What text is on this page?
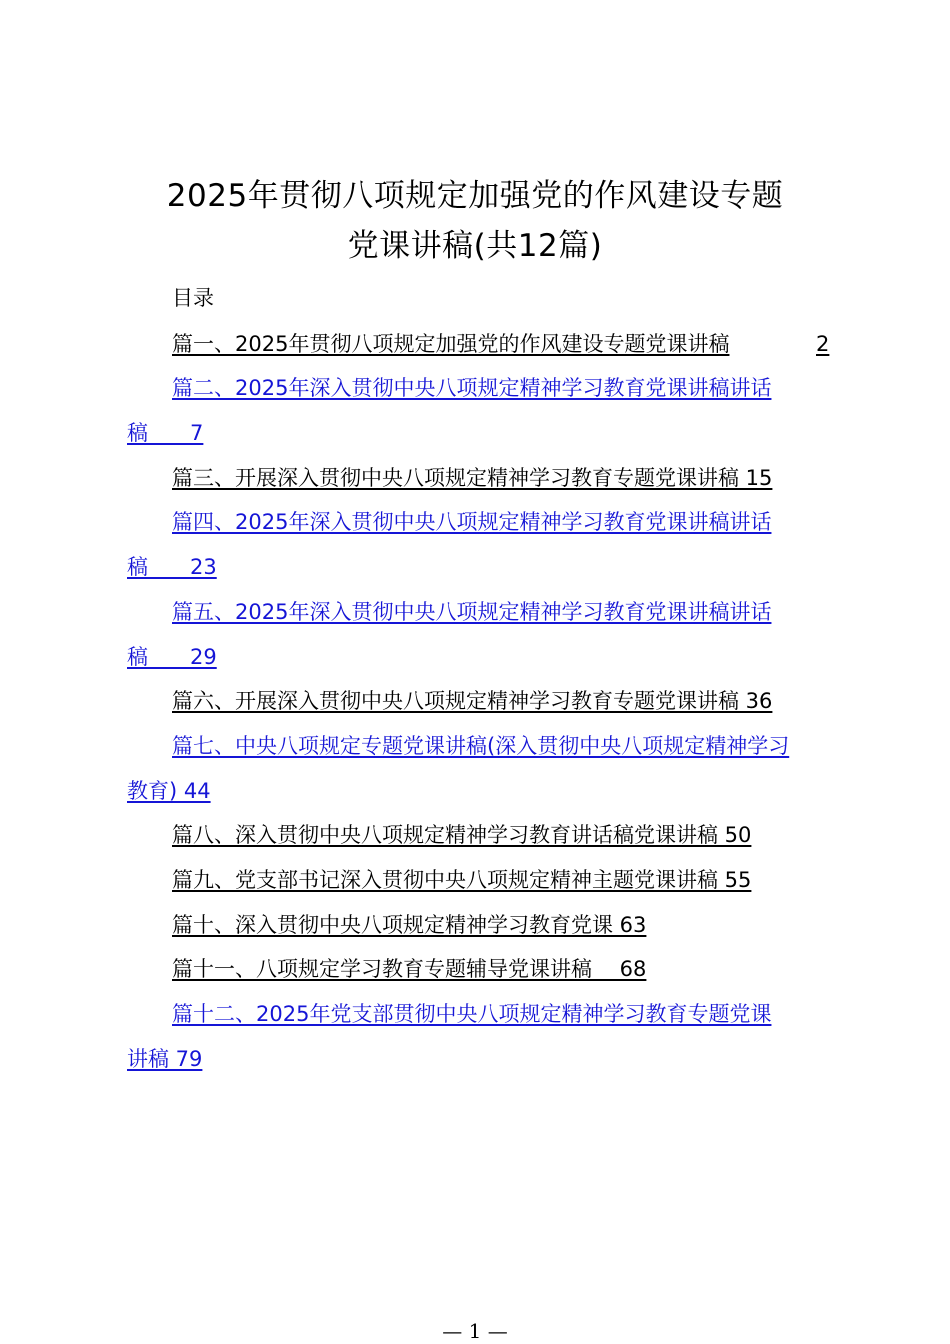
2025年贯彻八项规定加强党的作风建设专题
党课讲稿(共12篇)
目录
篇一、2025年贯彻八项规定加强党的作风建设专题党课讲稿	2
篇二、2025年深入贯彻中央八项规定精神学习教育党课讲稿讲话
稿　　7
篇三、开展深入贯彻中央八项规定精神学习教育专题党课讲稿 15
篇四、2025年深入贯彻中央八项规定精神学习教育党课讲稿讲话
稿　　23
篇五、2025年深入贯彻中央八项规定精神学习教育党课讲稿讲话
稿　　29
篇六、开展深入贯彻中央八项规定精神学习教育专题党课讲稿 36
篇七、中央八项规定专题党课讲稿(深入贯彻中央八项规定精神学习
教育) 44
篇八、深入贯彻中央八项规定精神学习教育讲话稿党课讲稿 50
篇九、党支部书记深入贯彻中央八项规定精神主题党课讲稿 55
篇十、深入贯彻中央八项规定精神学习教育党课 63
篇十一、八项规定学习教育专题辅导党课讲稿　 68
篇十二、2025年党支部贯彻中央八项规定精神学习教育专题党课
讲稿 79
— 1 —
